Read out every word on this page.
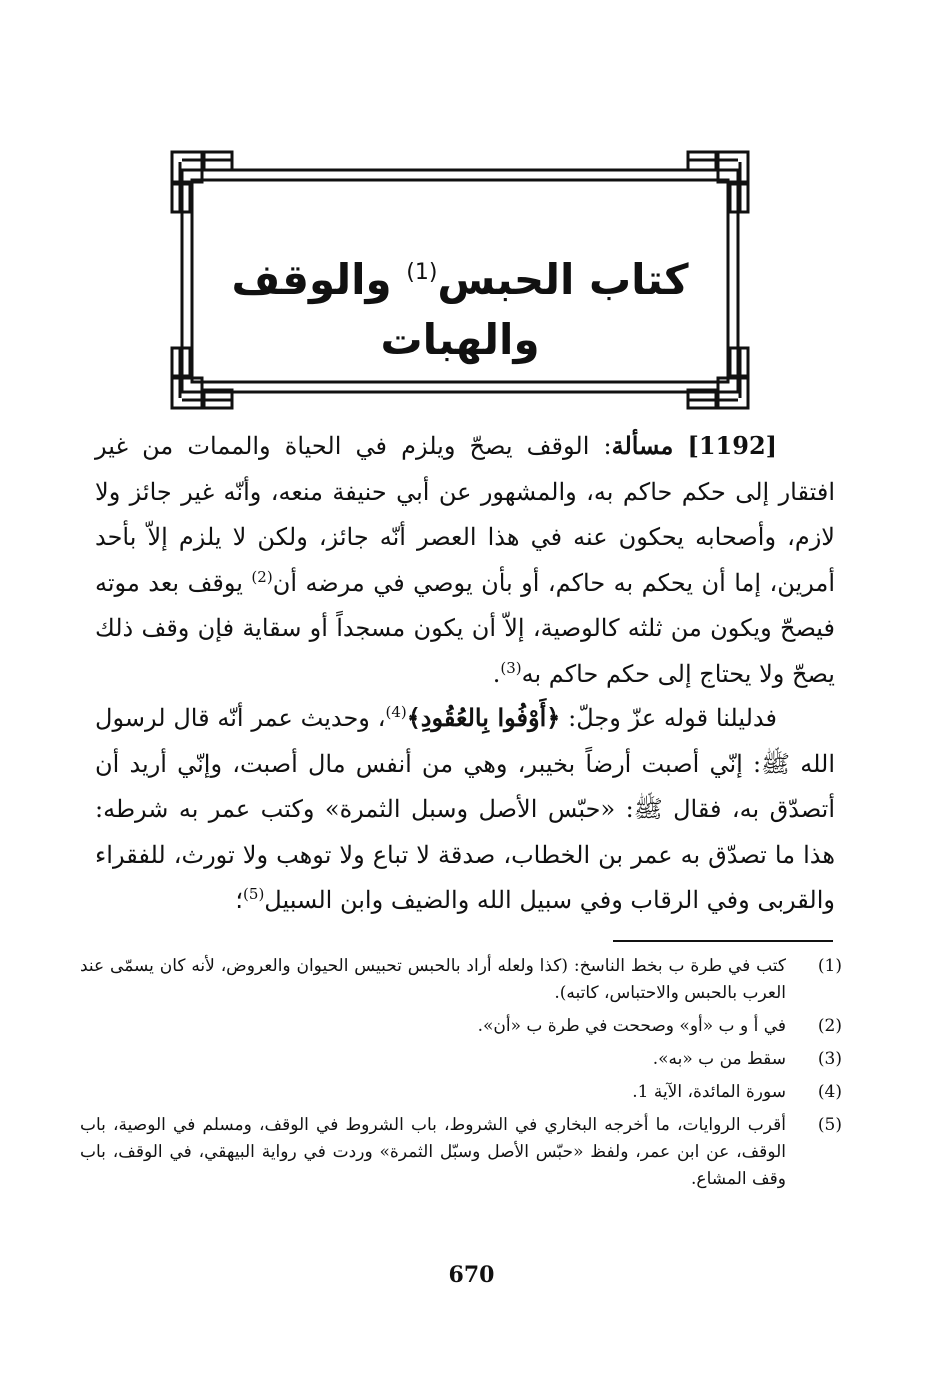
كتاب الحبس$^{(1)}$ والوقف والهبات

[1192] مسألة: الوقف يصحّ ويلزم في الحياة والممات من غير افتقار إلى حكم حاكم به، والمشهور عن أبي حنيفة منعه، وأنّه غير جائز ولا لازم، وأصحابه يحكون عنه في هذا العصر أنّه جائز، ولكن لا يلزم إلاّ بأحد أمرين، إما أن يحكم به حاكم، أو بأن يوصي في مرضه أن$^{(2)}$ يوقف بعد موته فيصحّ ويكون من ثلثه كالوصية، إلاّ أن يكون مسجداً أو سقاية فإن وقف ذلك يصحّ ولا يحتاج إلى حكم حاكم به$^{(3)}$.

فدليلنا قوله عزّ وجلّ: ﴿أَوْفُوا بِالعُقُودِ﴾$^{(4)}$، وحديث عمر أنّه قال لرسول الله ﷺ: إنّي أصبت أرضاً بخيبر، وهي من أنفس مال أصبت، وإنّي أريد أن أتصدّق به، فقال ﷺ: «حبّس الأصل وسبل الثمرة» وكتب عمر به شرطه: هذا ما تصدّق به عمر بن الخطاب، صدقة لا تباع ولا توهب ولا تورث، للفقراء والقربى وفي الرقاب وفي سبيل الله والضيف وابن السبيل$^{(5)}$؛

(1)
كتب في طرة ب بخط الناسخ: (كذا ولعله أراد بالحبس تحبيس الحيوان والعروض، لأنه كان يسمّى عند العرب بالحبس والاحتباس، كاتبه).
(2)
في أ و ب «أو» وصححت في طرة ب «أن».
(3)
سقط من ب «به».
(4)
سورة المائدة، الآية 1.
(5)
أقرب الروايات، ما أخرجه البخاري في الشروط، باب الشروط في الوقف، ومسلم في الوصية، باب الوقف، عن ابن عمر، ولفظ «حبّس الأصل وسبّل الثمرة» وردت في رواية البيهقي، في الوقف، باب وقف المشاع.
670
